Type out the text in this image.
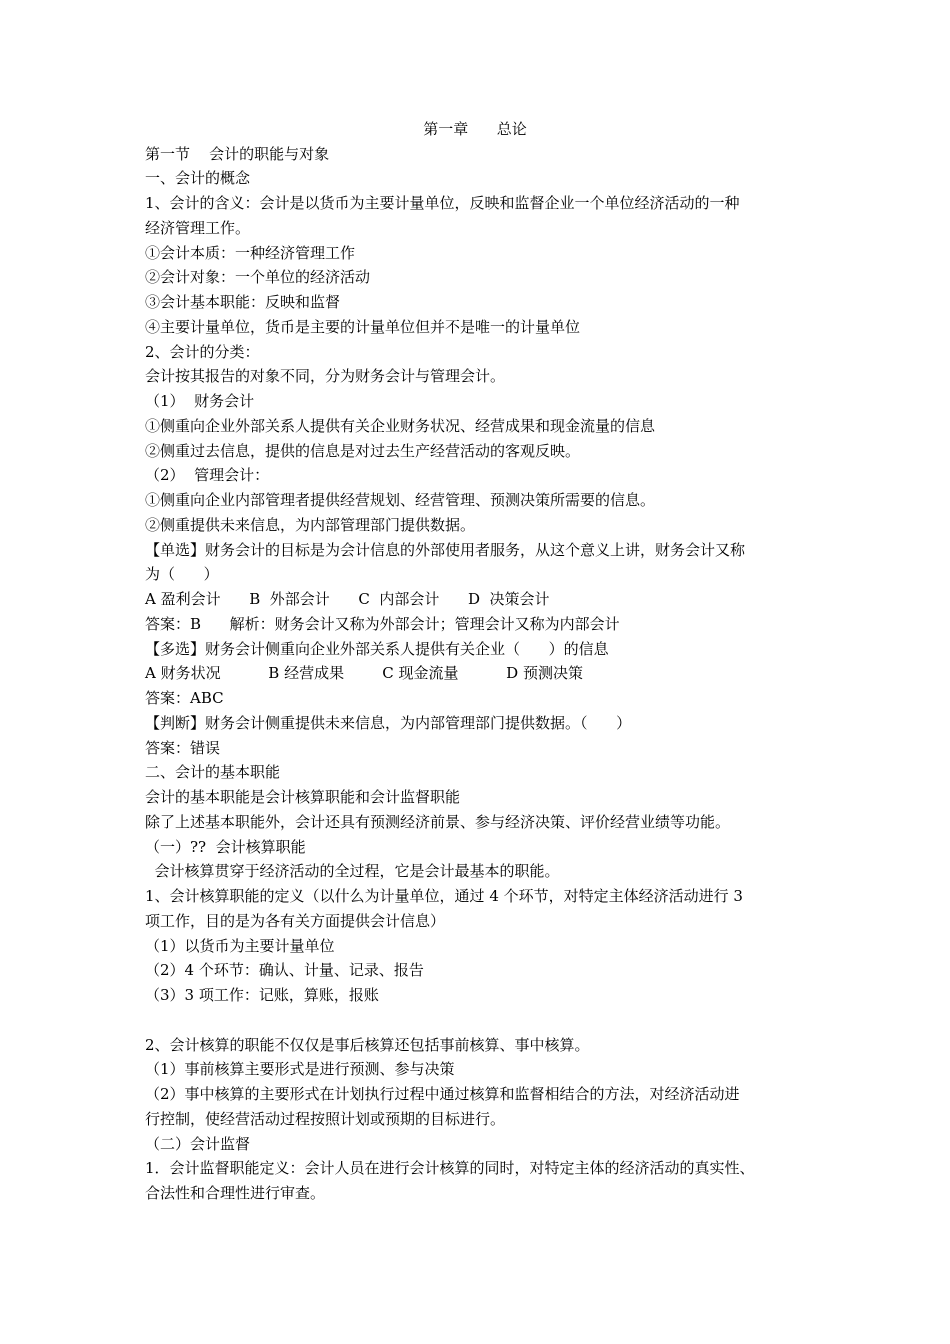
第一章      总论
第一节    会计的职能与对象
一、会计的概念
1、会计的含义：会计是以货币为主要计量单位，反映和监督企业一个单位经济活动的一种
经济管理工作。
①会计本质：一种经济管理工作
②会计对象：一个单位的经济活动
③会计基本职能：反映和监督
④主要计量单位，货币是主要的计量单位但并不是唯一的计量单位
2、会计的分类：
会计按其报告的对象不同，分为财务会计与管理会计。
（1）  财务会计
①侧重向企业外部关系人提供有关企业财务状况、经营成果和现金流量的信息
②侧重过去信息，提供的信息是对过去生产经营活动的客观反映。
（2）  管理会计：
①侧重向企业内部管理者提供经营规划、经营管理、预测决策所需要的信息。
②侧重提供未来信息，为内部管理部门提供数据。
【单选】财务会计的目标是为会计信息的外部使用者服务，从这个意义上讲，财务会计又称
为（      ）
A 盈利会计      B  外部会计      C  内部会计      D  决策会计
答案：B      解析：财务会计又称为外部会计；管理会计又称为内部会计
【多选】财务会计侧重向企业外部关系人提供有关企业（      ）的信息
A 财务状况          B 经营成果        C 现金流量          D 预测决策
答案：ABC
【判断】财务会计侧重提供未来信息，为内部管理部门提供数据。（      ）
答案：错误
二、会计的基本职能
会计的基本职能是会计核算职能和会计监督职能
除了上述基本职能外，会计还具有预测经济前景、参与经济决策、评价经营业绩等功能。
（一）??  会计核算职能
会计核算贯穿于经济活动的全过程，它是会计最基本的职能。
1、会计核算职能的定义（以什么为计量单位，通过 4 个环节，对特定主体经济活动进行 3
项工作，目的是为各有关方面提供会计信息）
（1）以货币为主要计量单位
（2）4 个环节：确认、计量、记录、报告
（3）3 项工作：记账，算账，报账
2、会计核算的职能不仅仅是事后核算还包括事前核算、事中核算。
（1）事前核算主要形式是进行预测、参与决策
（2）事中核算的主要形式在计划执行过程中通过核算和监督相结合的方法，对经济活动进
行控制，使经营活动过程按照计划或预期的目标进行。
（二）会计监督
1．会计监督职能定义：会计人员在进行会计核算的同时，对特定主体的经济活动的真实性、
合法性和合理性进行审查。
